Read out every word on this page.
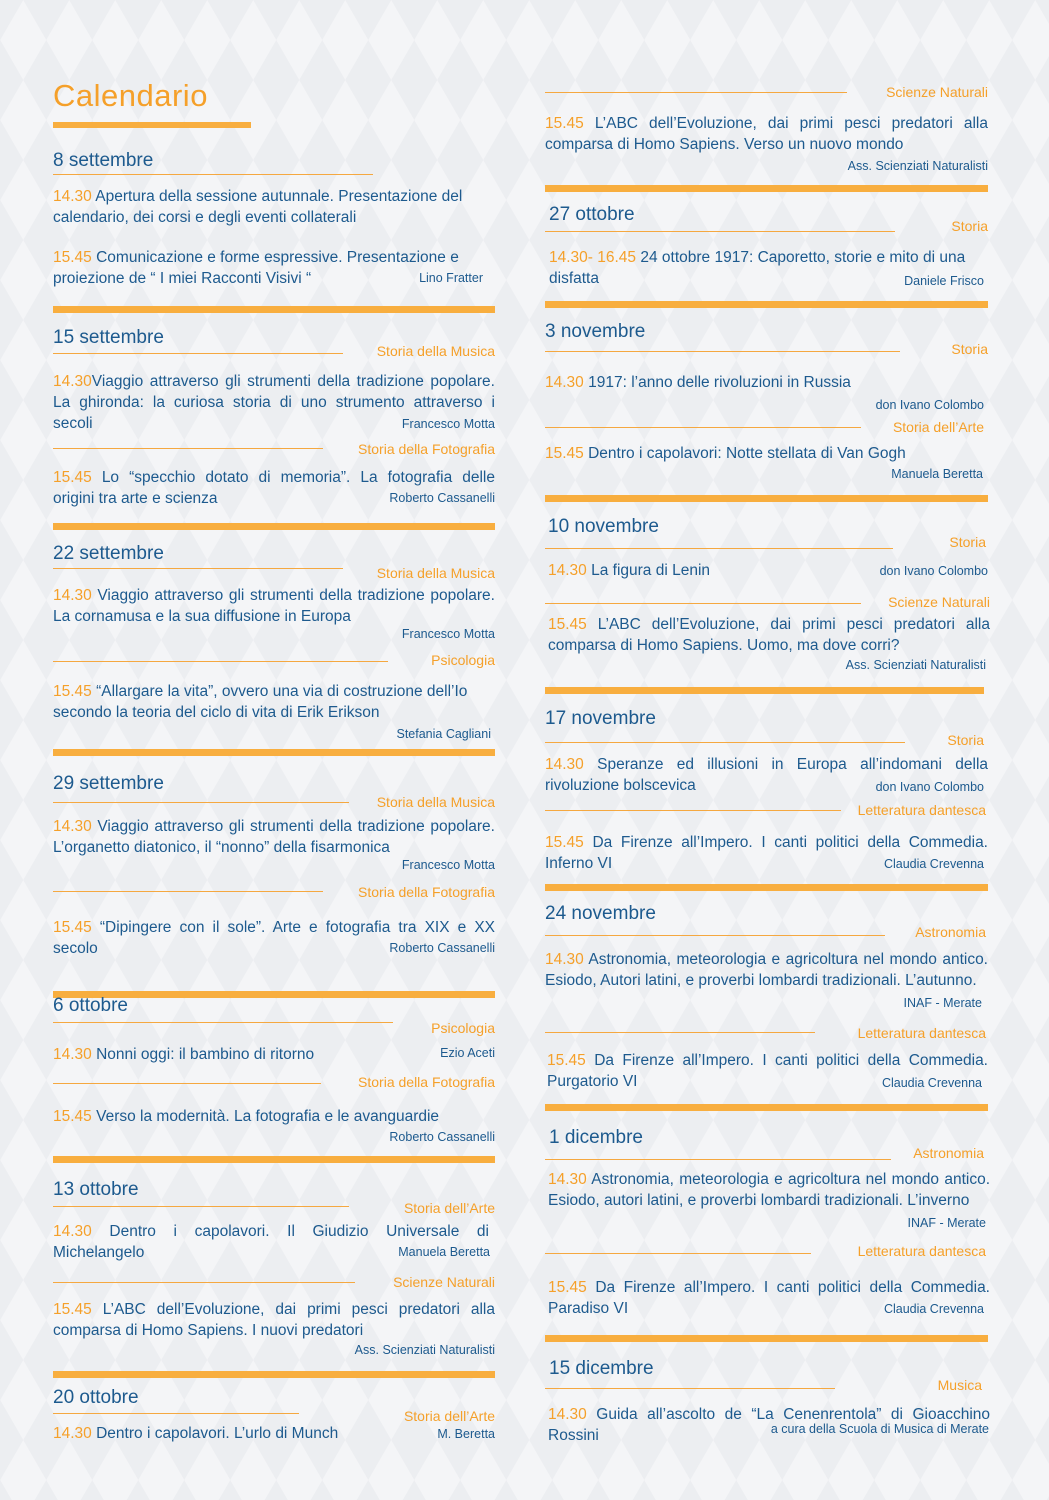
Calendario
8 settembre
14.30 Apertura della sessione autunnale. Presentazione del calendario, dei corsi e degli eventi collaterali
15.45 Comunicazione e forme espressive. Presentazione e proiezione de “ I miei Racconti Visivi “	Lino Fratter
15 settembre
Storia della Musica
14.30Viaggio attraverso gli strumenti della tradizione popolare. La ghironda: la curiosa storia di uno strumento attraverso i secoli	Francesco Motta
Storia della Fotografia
15.45 Lo “specchio dotato di memoria”. La fotografia delle origini tra arte e scienza	Roberto Cassanelli
22 settembre
Storia della Musica
14.30 Viaggio attraverso gli strumenti della tradizione popolare. La cornamusa e la sua diffusione in Europa
Francesco Motta
Psicologia
15.45 “Allargare la vita”, ovvero una via di costruzione dell’Io secondo la teoria del ciclo di vita di Erik Erikson
Stefania Cagliani
29 settembre
Storia della Musica
14.30 Viaggio attraverso gli strumenti della tradizione popolare. L’organetto diatonico, il “nonno” della fisarmonica
Francesco Motta
Storia della Fotografia
15.45 “Dipingere con il sole”. Arte e fotografia tra XIX e XX secolo	Roberto Cassanelli
6 ottobre
Psicologia
14.30 Nonni oggi: il bambino di ritorno	Ezio Aceti
Storia della Fotografia
15.45 Verso la modernità. La fotografia e le avanguardie
Roberto Cassanelli
13 ottobre
Storia dell’Arte
14.30 Dentro i capolavori. Il Giudizio Universale di Michelangelo	Manuela Beretta
Scienze Naturali
15.45 L’ABC dell’Evoluzione, dai primi pesci predatori alla comparsa di Homo Sapiens. I nuovi predatori
Ass. Scienziati Naturalisti
20 ottobre
Storia dell’Arte
14.30 Dentro i capolavori. L’urlo di Munch	M. Beretta
Scienze Naturali
15.45 L’ABC dell’Evoluzione, dai primi pesci predatori alla comparsa di Homo Sapiens. Verso un nuovo mondo
Ass. Scienziati Naturalisti
27 ottobre
Storia
14.30- 16.45 24 ottobre 1917: Caporetto, storie e mito di una disfatta	Daniele Frisco
3 novembre
Storia
14.30 1917: l’anno delle rivoluzioni in Russia
don Ivano Colombo
Storia dell’Arte
15.45 Dentro i capolavori: Notte stellata di Van Gogh
Manuela Beretta
10 novembre
Storia
14.30 La figura di Lenin	don Ivano Colombo
Scienze Naturali
15.45 L’ABC dell’Evoluzione, dai primi pesci predatori alla comparsa di Homo Sapiens. Uomo, ma dove corri?
Ass. Scienziati Naturalisti
17 novembre
Storia
14.30 Speranze ed illusioni in Europa all’indomani della rivoluzione bolscevica	don Ivano Colombo
Letteratura dantesca
15.45 Da Firenze all’Impero. I canti politici della Commedia. Inferno VI	Claudia Crevenna
24 novembre
Astronomia
14.30 Astronomia, meteorologia e agricoltura nel mondo antico. Esiodo, Autori latini, e proverbi lombardi tradizionali. L’autunno.
INAF - Merate
Letteratura dantesca
15.45 Da Firenze all’Impero. I canti politici della Commedia. Purgatorio VI	Claudia Crevenna
1 dicembre
Astronomia
14.30 Astronomia, meteorologia e agricoltura nel mondo antico. Esiodo, autori latini, e proverbi lombardi tradizionali. L’inverno
INAF - Merate
Letteratura dantesca
15.45 Da Firenze all’Impero. I canti politici della Commedia. Paradiso VI	Claudia Crevenna
15 dicembre
Musica
14.30 Guida all’ascolto de “La Cenenrentola” di Gioacchino Rossini	a cura della Scuola di Musica di Merate
